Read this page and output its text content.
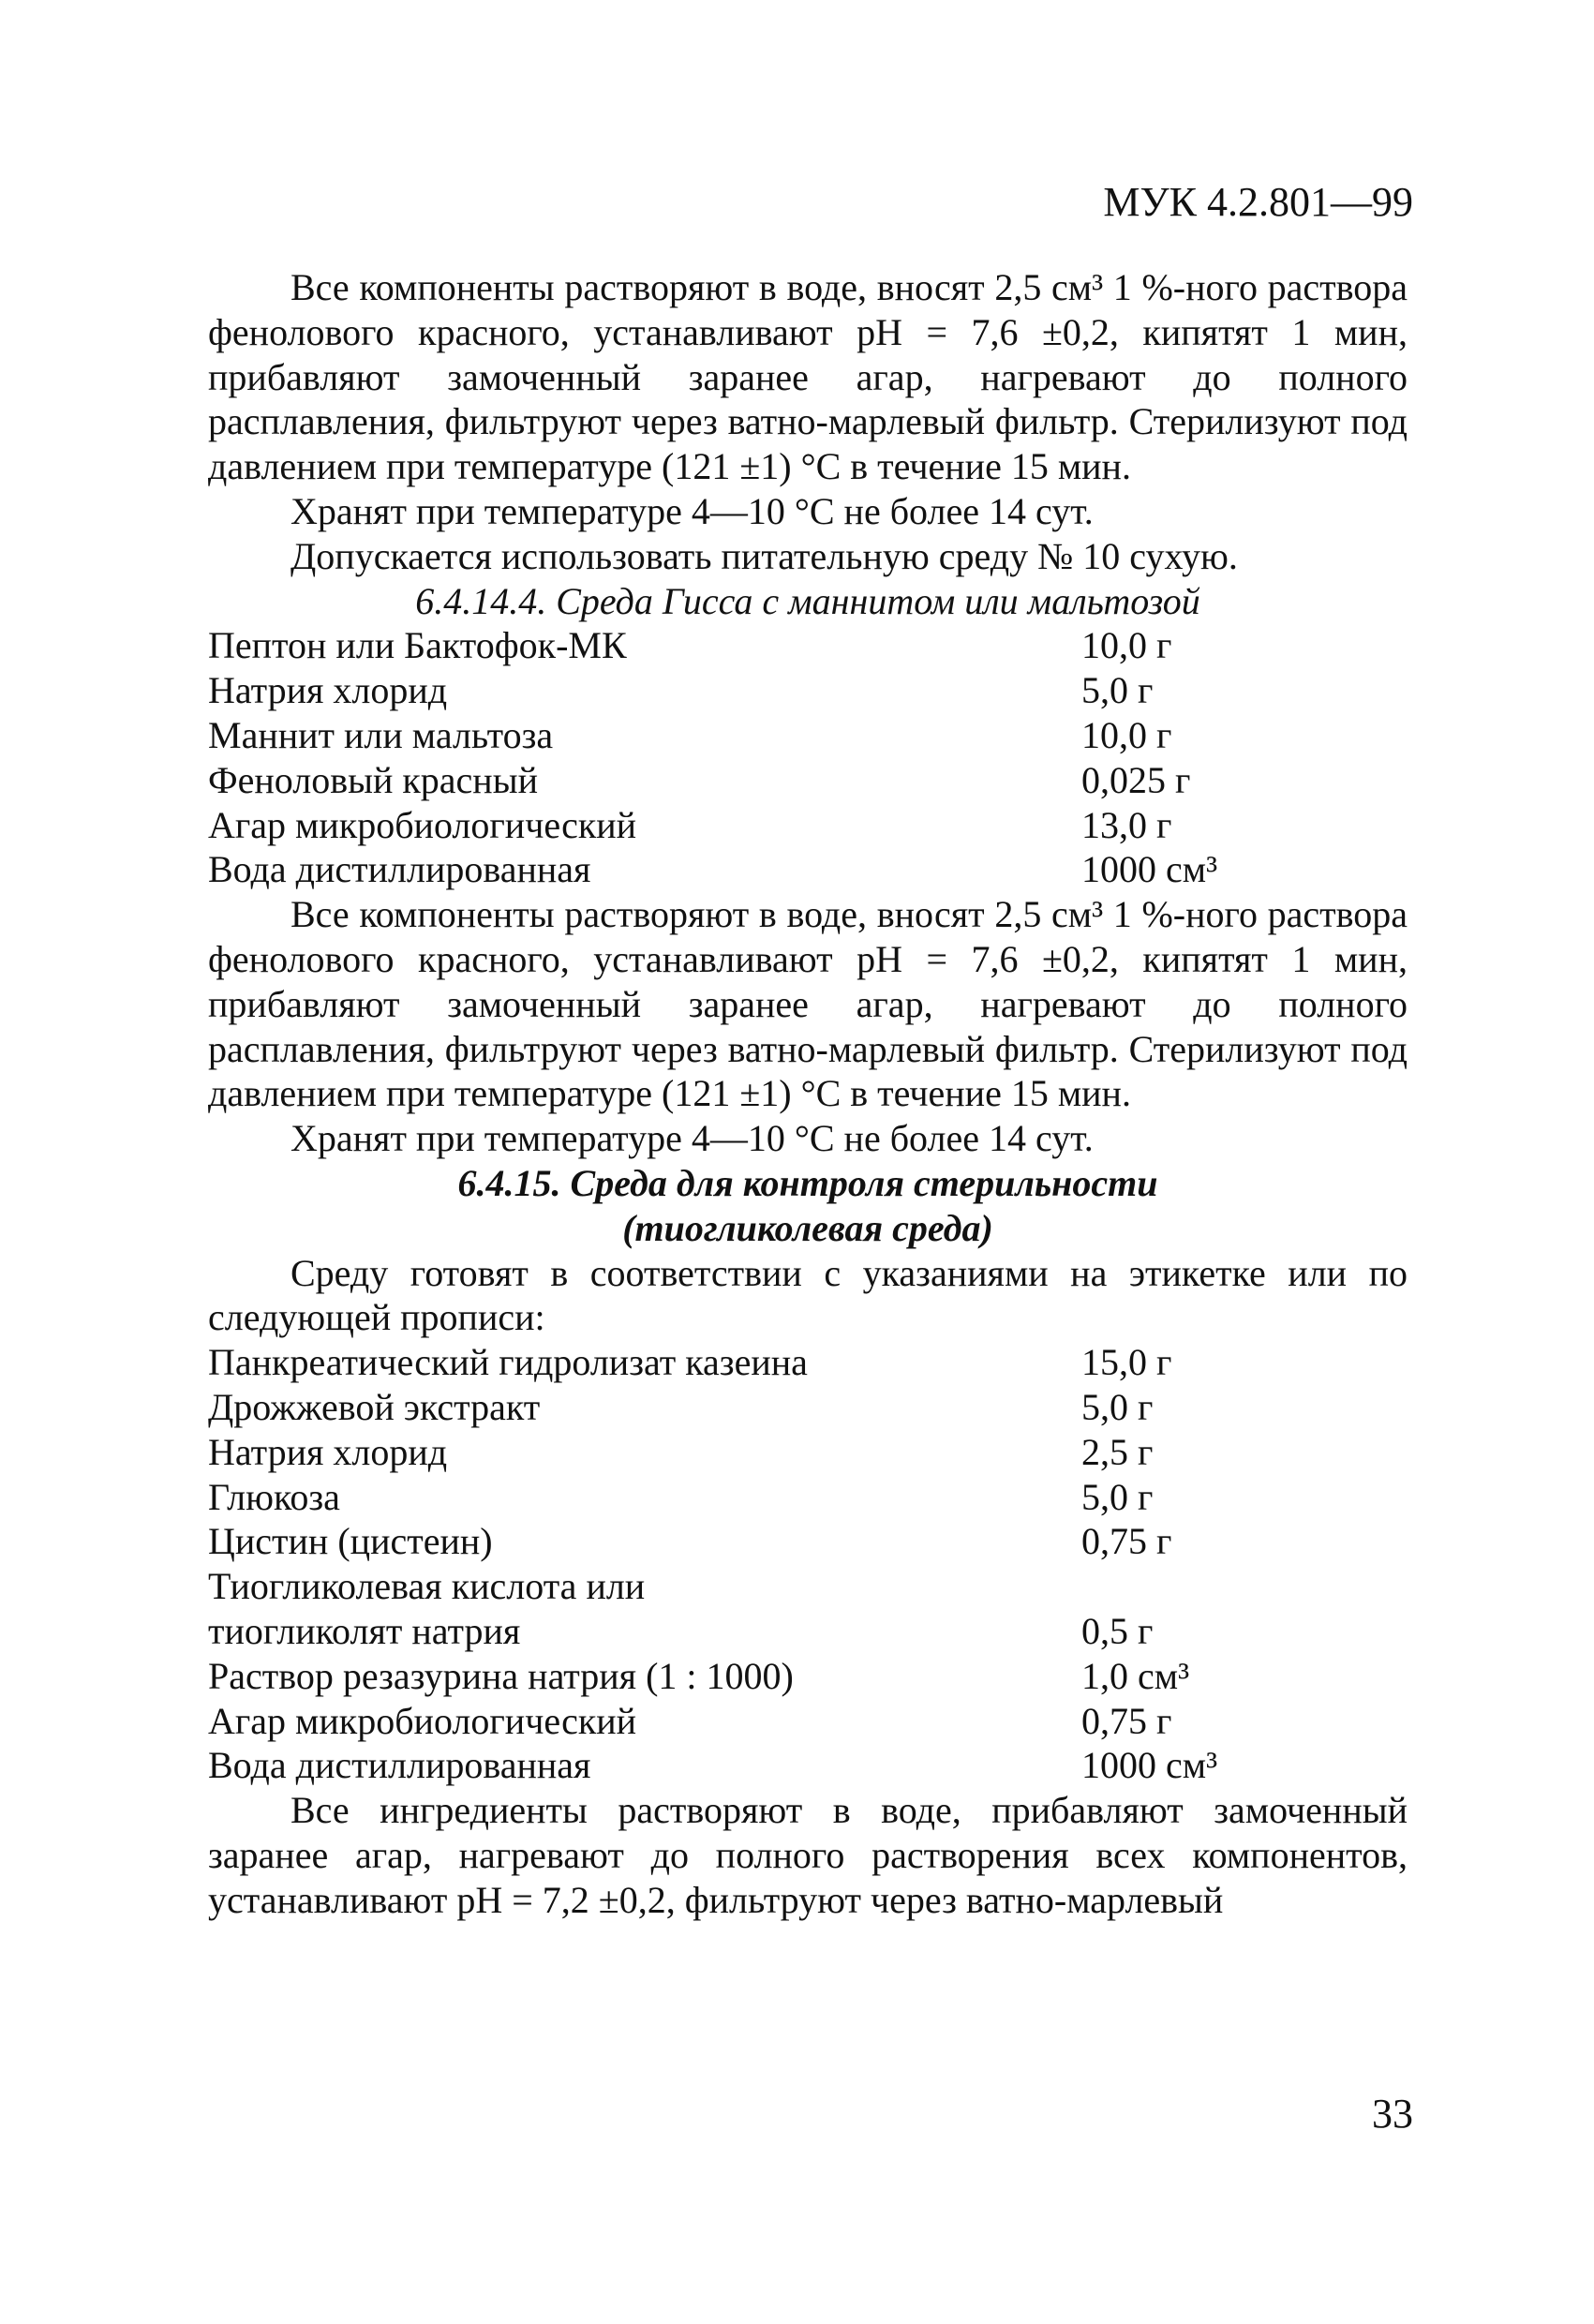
МУК 4.2.801—99

Все компоненты растворяют в воде, вносят 2,5 см³ 1 %-ного раствора фенолового красного, устанавливают рН = 7,6 ±0,2, кипятят 1 мин, прибавляют замоченный заранее агар, нагревают до полного расплавления, фильтруют через ватно-марлевый фильтр. Стерилизуют под давлением при температуре (121 ±1) °С в течение 15 мин.

Хранят при температуре 4—10 °С не более 14 сут.

Допускается использовать питательную среду № 10 сухую.

6.4.14.4. Среда Гисса с маннитом или мальтозой

Пептон или Бактофок-МК	10,0 г
Натрия хлорид	5,0 г
Маннит или мальтоза	10,0 г
Феноловый красный	0,025 г
Агар микробиологический	13,0 г
Вода дистиллированная	1000 см³

Все компоненты растворяют в воде, вносят 2,5 см³ 1 %-ного раствора фенолового красного, устанавливают рН = 7,6 ±0,2, кипятят 1 мин, прибавляют замоченный заранее агар, нагревают до полного расплавления, фильтруют через ватно-марлевый фильтр. Стерилизуют под давлением при температуре (121 ±1) °С в течение 15 мин.

Хранят при температуре 4—10 °С не более 14 сут.

6.4.15. Среда для контроля стерильности

(тиогликолевая среда)

Среду готовят в соответствии с указаниями на этикетке или по следующей прописи:

Панкреатический гидролизат казеина	15,0 г
Дрожжевой экстракт	5,0 г
Натрия хлорид	2,5 г
Глюкоза	5,0 г
Цистин (цистеин)	0,75 г
Тиогликолевая кислота или
тиогликолят натрия	0,5 г
Раствор резазурина натрия (1 : 1000)	1,0 см³
Агар микробиологический	0,75 г
Вода дистиллированная	1000 см³

Все ингредиенты растворяют в воде, прибавляют замоченный заранее агар, нагревают до полного растворения всех компонентов, устанавливают рН = 7,2 ±0,2, фильтруют через ватно-марлевый

33
